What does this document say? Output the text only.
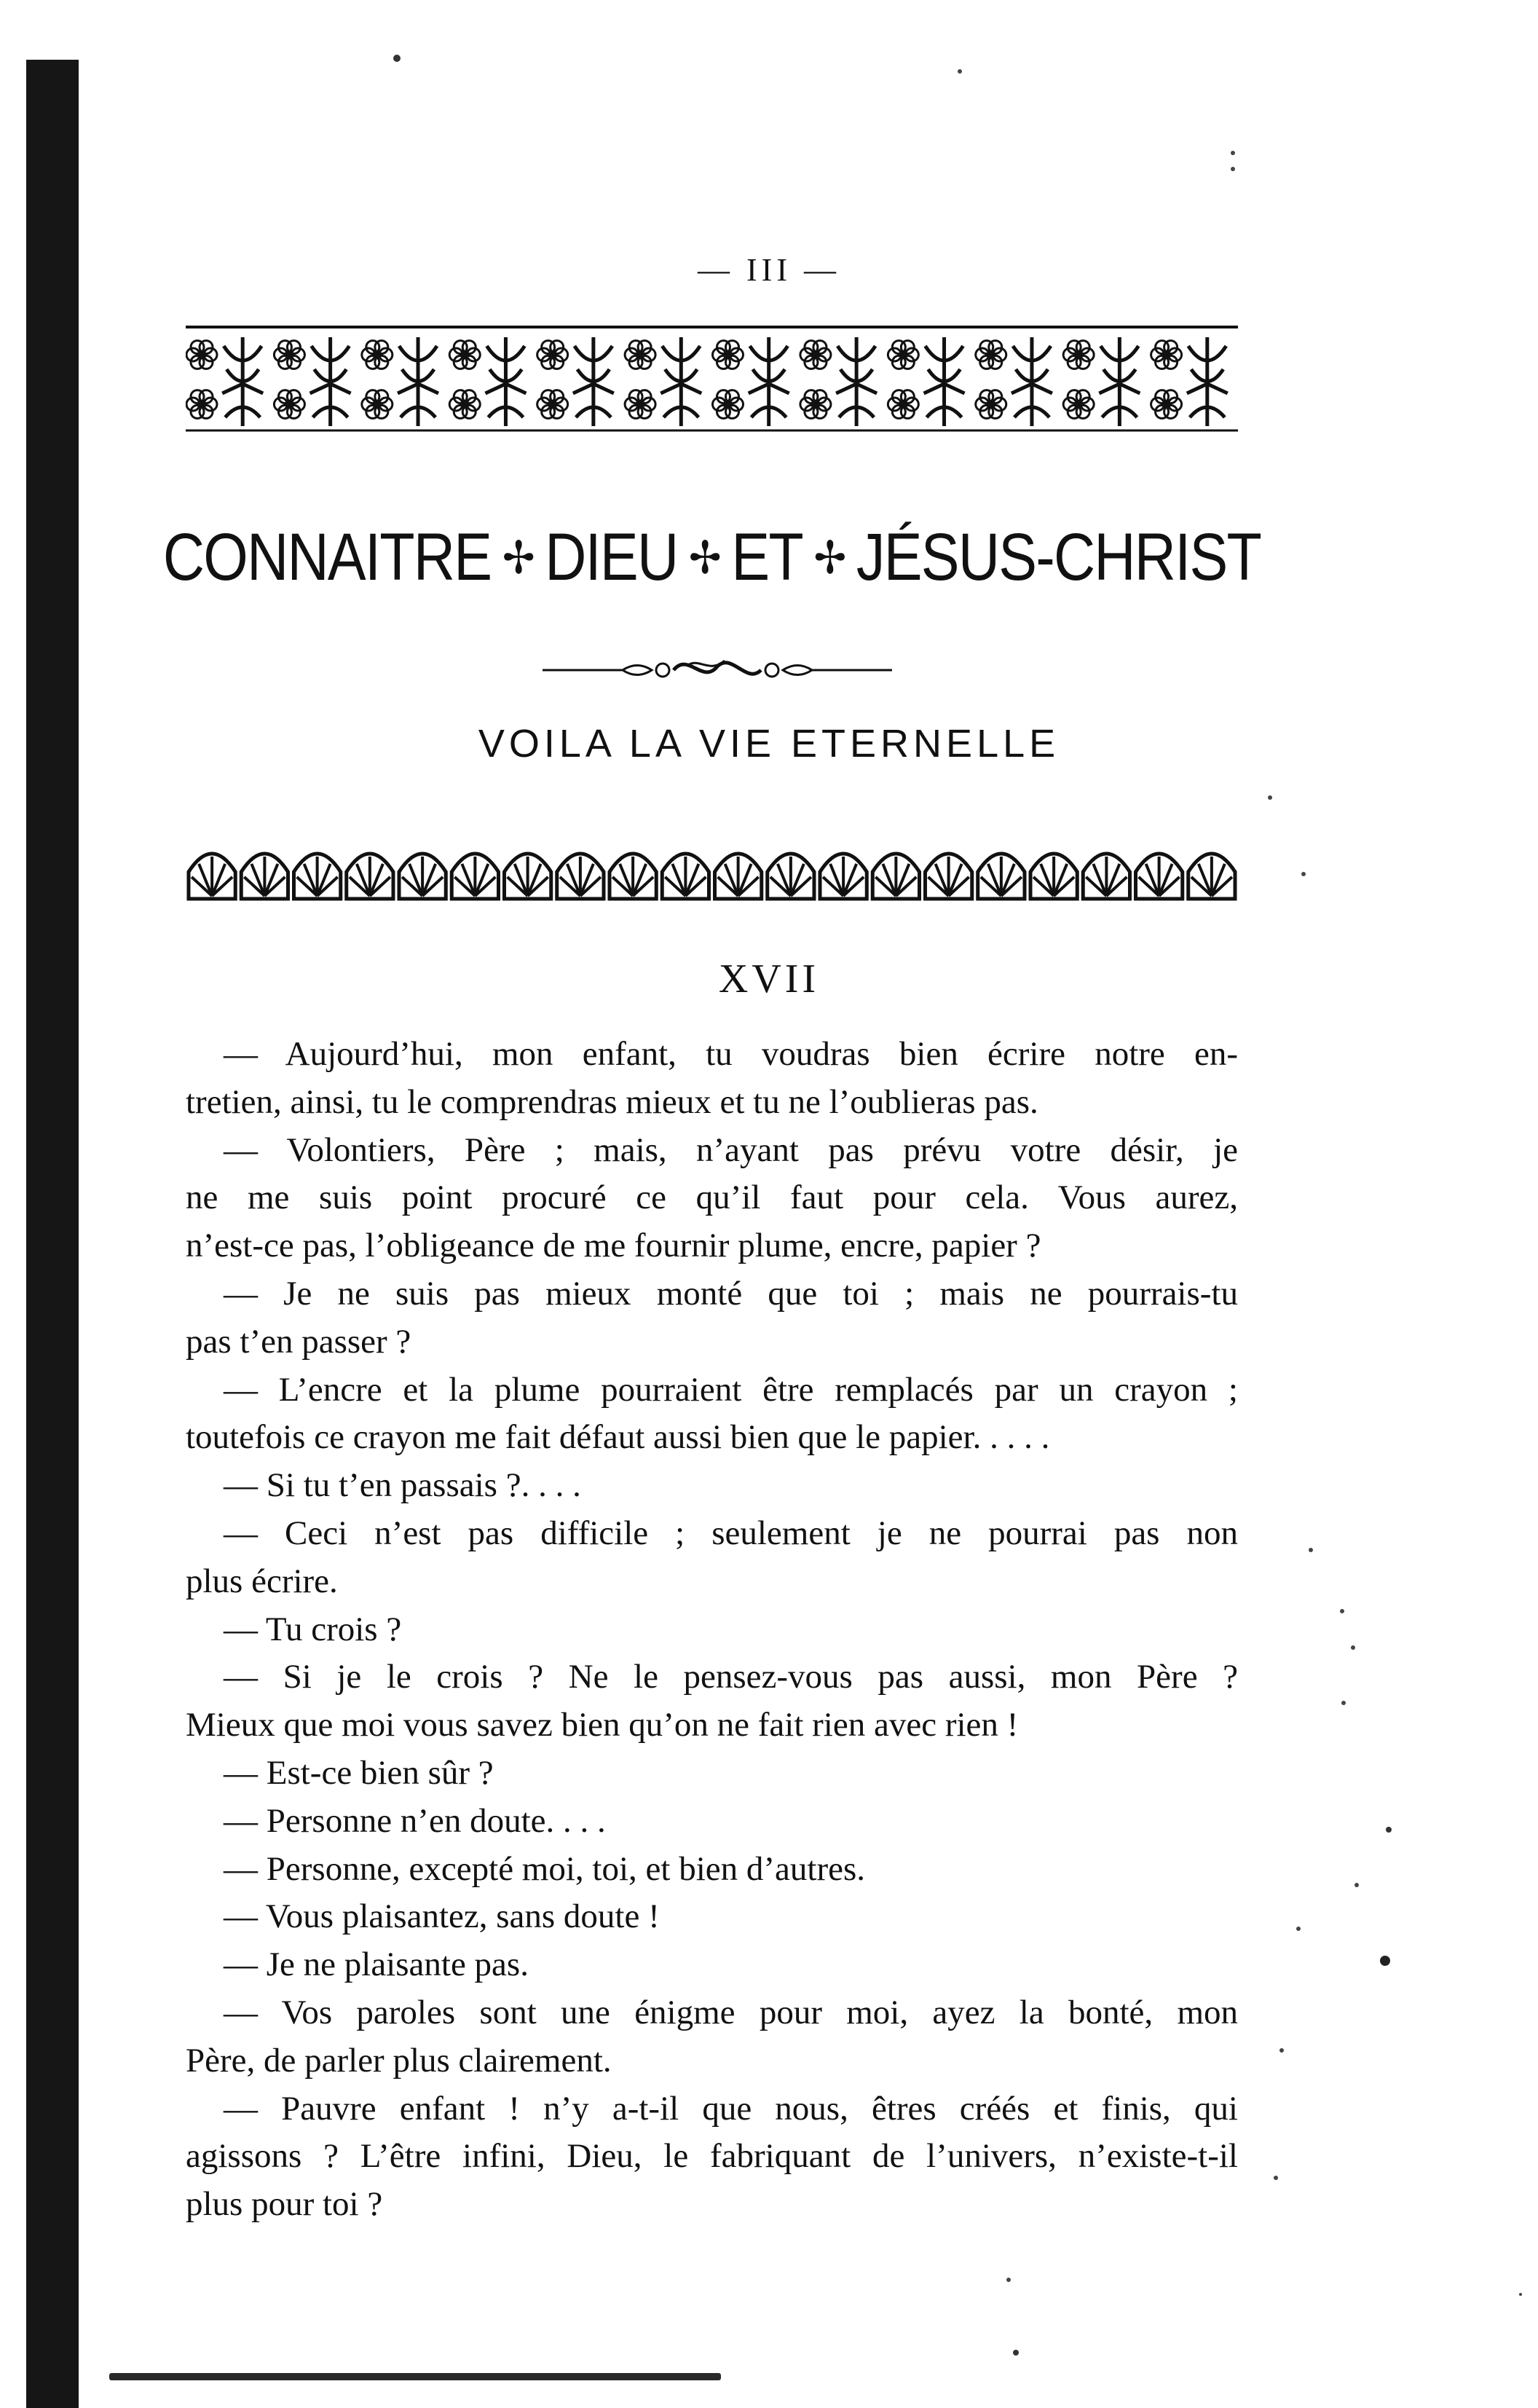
— III —
CONNAITRE ✢ DIEU ✢ ET ✢ JÉSUS-CHRIST
VOILA LA VIE ETERNELLE
XVII

— Aujourd’hui, mon enfant, tu voudras bien écrire notre en-
tretien, ainsi, tu le comprendras mieux et tu ne l’oublieras pas.

— Volontiers, Père ; mais, n’ayant pas prévu votre désir, je
ne me suis point procuré ce qu’il faut pour cela. Vous aurez,
n’est-ce pas, l’obligeance de me fournir plume, encre, papier ?

— Je ne suis pas mieux monté que toi ; mais ne pourrais-tu
pas t’en passer ?

— L’encre et la plume pourraient être remplacés par un crayon ;
toutefois ce crayon me fait défaut aussi bien que le papier. . . . .

— Si tu t’en passais ?. . . .

— Ceci n’est pas difficile ; seulement je ne pourrai pas non
plus écrire.

— Tu crois ?

— Si je le crois ? Ne le pensez-vous pas aussi, mon Père ?
Mieux que moi vous savez bien qu’on ne fait rien avec rien !

— Est-ce bien sûr ?

— Personne n’en doute. . . .

— Personne, excepté moi, toi, et bien d’autres.

— Vous plaisantez, sans doute !

— Je ne plaisante pas.

— Vos paroles sont une énigme pour moi, ayez la bonté, mon
Père, de parler plus clairement.

— Pauvre enfant ! n’y a-t-il que nous, êtres créés et finis, qui
agissons ? L’être infini, Dieu, le fabriquant de l’univers, n’existe-t-il
plus pour toi ?
